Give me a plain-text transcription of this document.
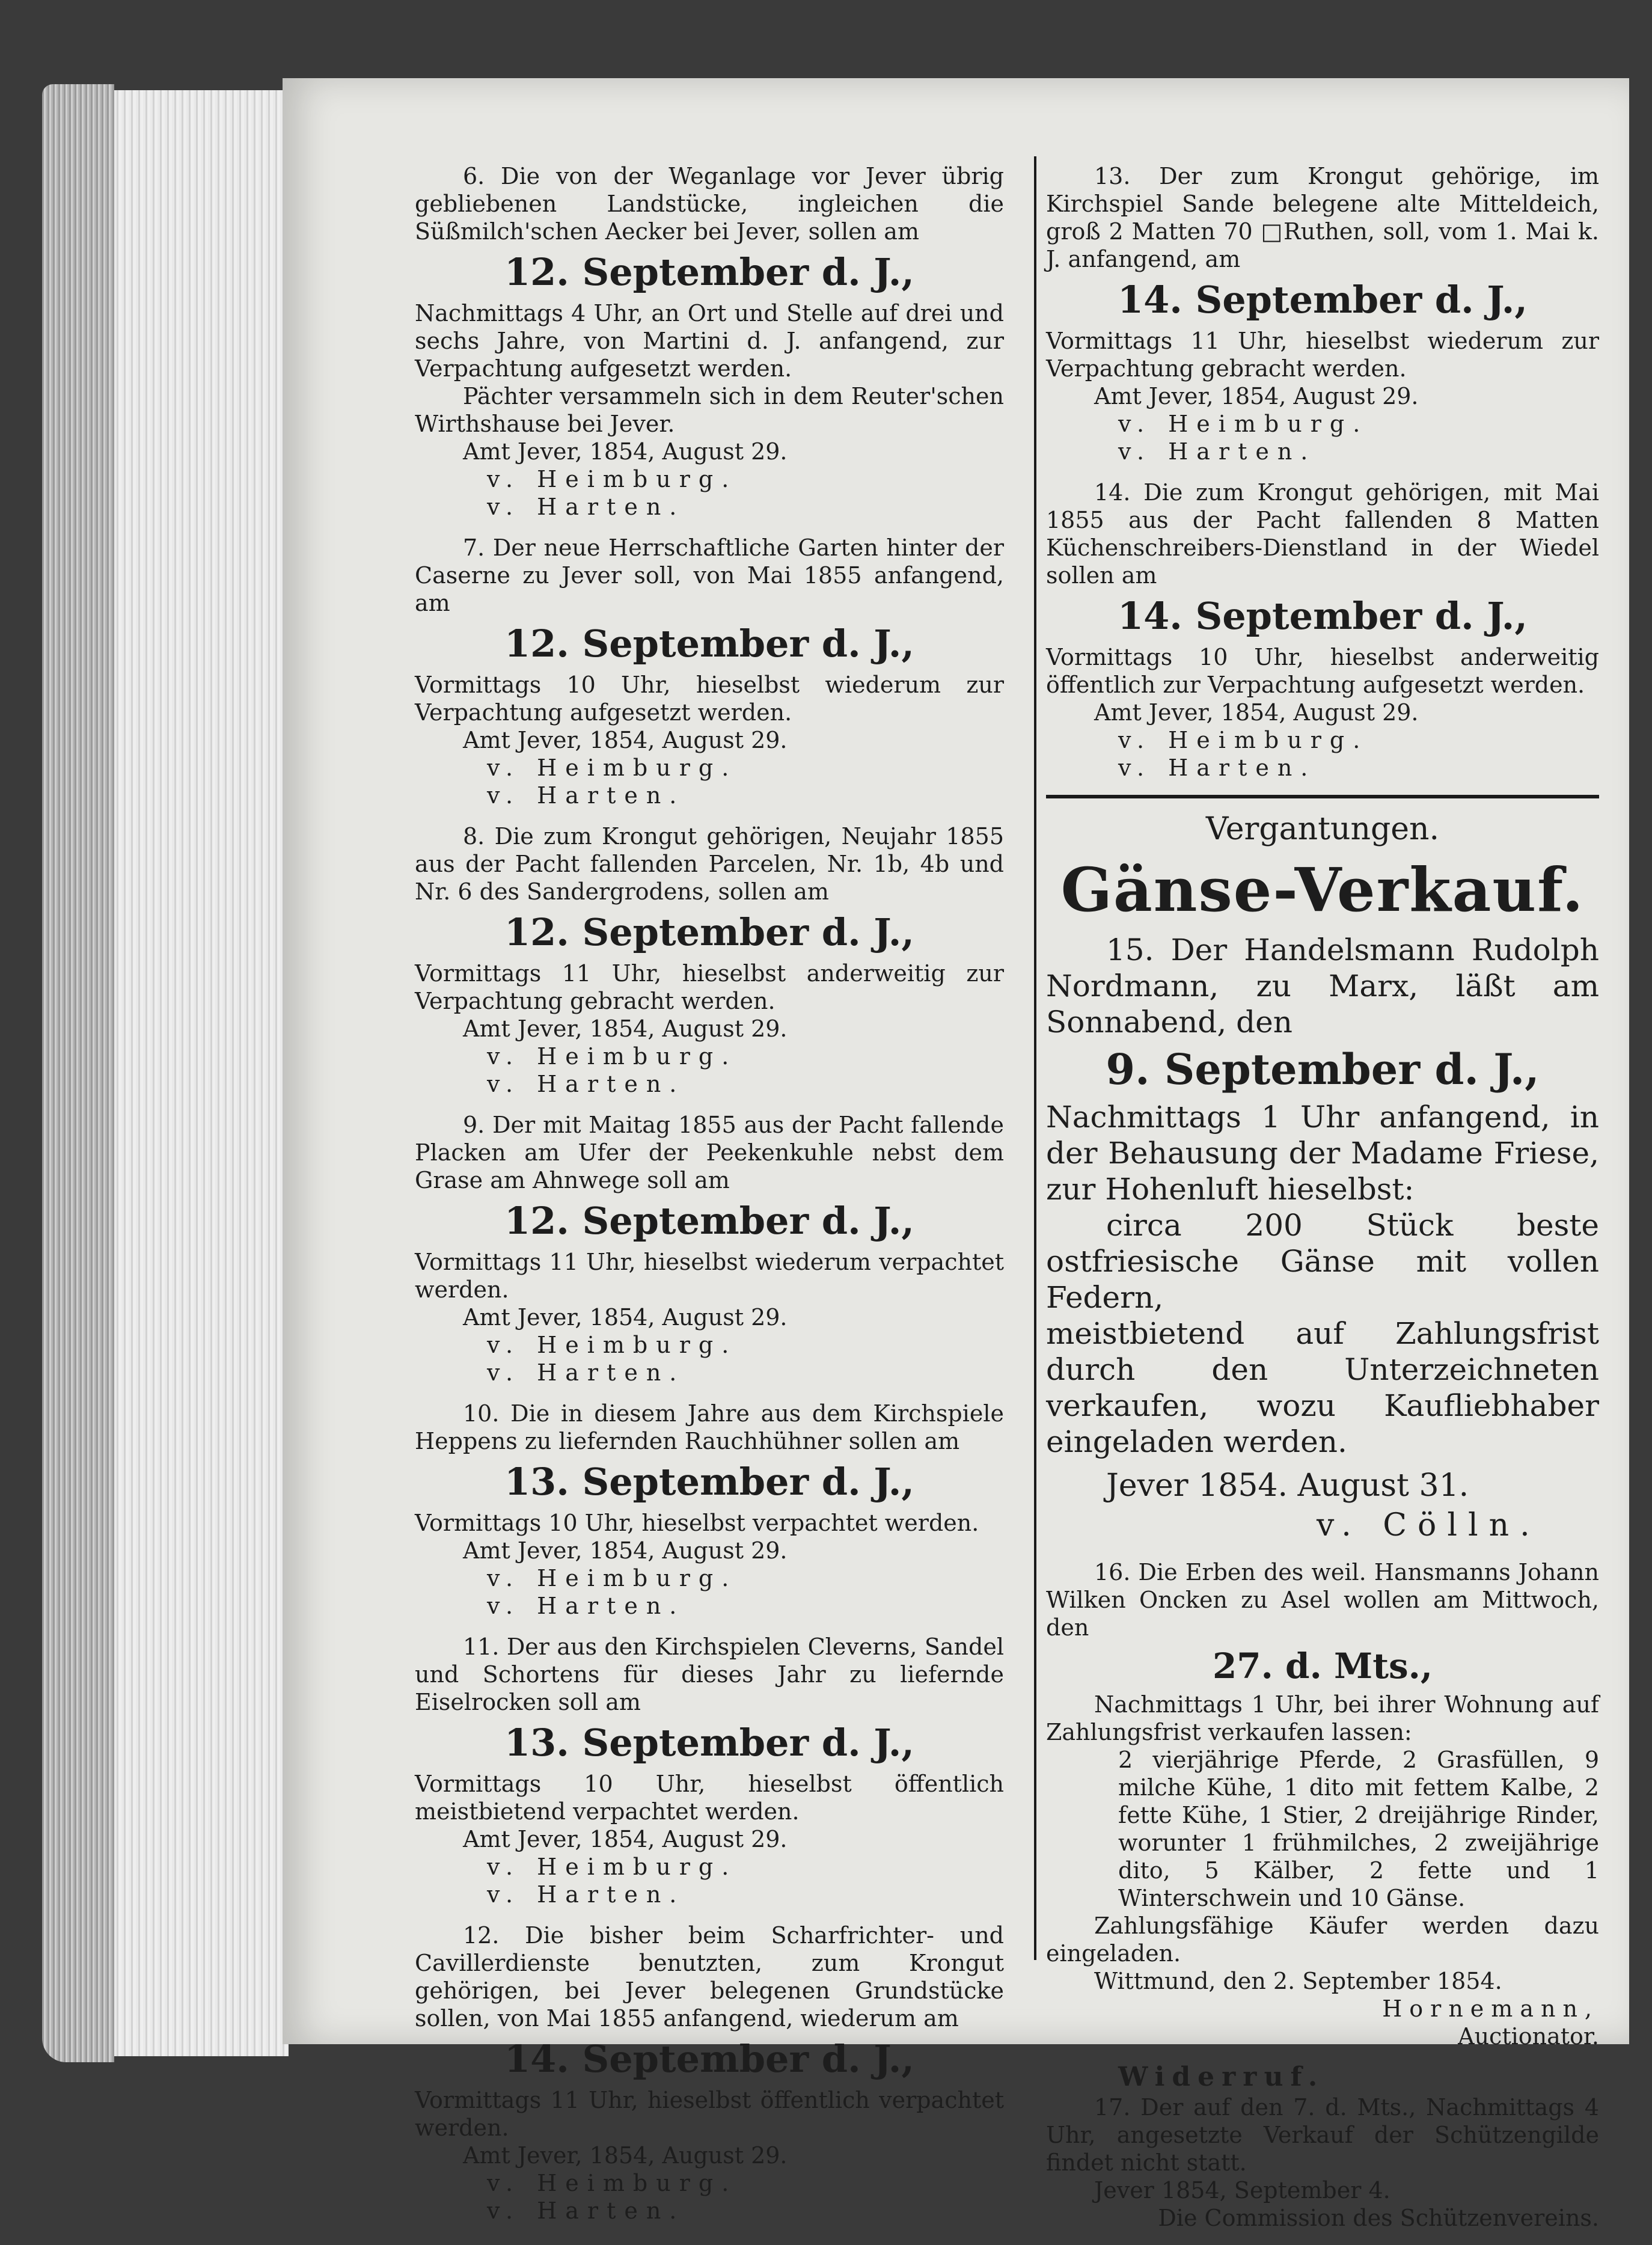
6. Die von der Weganlage vor Jever übrig gebliebenen Landstücke, ingleichen die Süßmilch'schen Aecker bei Jever, sollen am

12. September d. J.,

Nachmittags 4 Uhr, an Ort und Stelle auf drei und sechs Jahre, von Martini d. J. anfangend, zur Verpachtung aufgesetzt werden.

Pächter versammeln sich in dem Reuter'schen Wirthshause bei Jever.

Amt Jever, 1854, August 29.
v. Heimburg.v. Harten.

7. Der neue Herrschaftliche Garten hinter der Caserne zu Jever soll, von Mai 1855 anfangend, am

12. September d. J.,

Vormittags 10 Uhr, hieselbst wiederum zur Verpachtung aufgesetzt werden.

Amt Jever, 1854, August 29.
v. Heimburg.v. Harten.

8. Die zum Krongut gehörigen, Neujahr 1855 aus der Pacht fallenden Parcelen, Nr. 1b, 4b und Nr. 6 des Sandergrodens, sollen am

12. September d. J.,

Vormittags 11 Uhr, hieselbst anderweitig zur Verpachtung gebracht werden.

Amt Jever, 1854, August 29.
v. Heimburg.v. Harten.

9. Der mit Maitag 1855 aus der Pacht fallende Placken am Ufer der Peekenkuhle nebst dem Grase am Ahnwege soll am

12. September d. J.,

Vormittags 11 Uhr, hieselbst wiederum verpachtet werden.

Amt Jever, 1854, August 29.
v. Heimburg.v. Harten.

10. Die in diesem Jahre aus dem Kirchspiele Heppens zu liefernden Rauchhühner sollen am

13. September d. J.,

Vormittags 10 Uhr, hieselbst verpachtet werden.

Amt Jever, 1854, August 29.
v. Heimburg.v. Harten.

11. Der aus den Kirchspielen Cleverns, Sandel und Schortens für dieses Jahr zu liefernde Eiselrocken soll am

13. September d. J.,

Vormittags 10 Uhr, hieselbst öffentlich meistbietend verpachtet werden.

Amt Jever, 1854, August 29.
v. Heimburg.v. Harten.

12. Die bisher beim Scharfrichter- und Cavillerdienste benutzten, zum Krongut gehörigen, bei Jever belegenen Grundstücke sollen, von Mai 1855 anfangend, wiederum am

14. September d. J.,

Vormittags 11 Uhr, hieselbst öffentlich verpachtet werden.

Amt Jever, 1854, August 29.
v. Heimburg.v. Harten.

13. Der zum Krongut gehörige, im Kirchspiel Sande belegene alte Mitteldeich, groß 2 Matten 70 □Ruthen, soll, vom 1. Mai k. J. anfangend, am

14. September d. J.,

Vormittags 11 Uhr, hieselbst wiederum zur Verpachtung gebracht werden.

Amt Jever, 1854, August 29.
v. Heimburg.v. Harten.

14. Die zum Krongut gehörigen, mit Mai 1855 aus der Pacht fallenden 8 Matten Küchenschreibers-Dienstland in der Wiedel sollen am

14. September d. J.,

Vormittags 10 Uhr, hieselbst anderweitig öffentlich zur Verpachtung aufgesetzt werden.

Amt Jever, 1854, August 29.
v. Heimburg.v. Harten.
Vergantungen.
Gänse-Verkauf.

15. Der Handelsmann Rudolph Nordmann, zu Marx, läßt am Sonnabend, den

9. September d. J.,

Nachmittags 1 Uhr anfangend, in der Behausung der Madame Friese, zur Hohenluft hieselbst:

circa 200 Stück beste ostfriesische Gänse mit vollen Federn,

meistbietend auf Zahlungsfrist durch den Unterzeichneten verkaufen, wozu Kaufliebhaber eingeladen werden.

Jever 1854. August 31.
v. Cölln.

16. Die Erben des weil. Hansmanns Johann Wilken Oncken zu Asel wollen am Mittwoch, den

27. d. Mts.,

Nachmittags 1 Uhr, bei ihrer Wohnung auf Zahlungsfrist verkaufen lassen:

2 vierjährige Pferde, 2 Grasfüllen, 9 milche Kühe, 1 dito mit fettem Kalbe, 2 fette Kühe, 1 Stier, 2 dreijährige Rinder, worunter 1 frühmilches, 2 zweijährige dito, 5 Kälber, 2 fette und 1 Winterschwein und 10 Gänse.

Zahlungsfähige Käufer werden dazu eingeladen.

Wittmund, den 2. September 1854.
Hornemann,
Auctionator.
Widerruf.

17. Der auf den 7. d. Mts., Nachmittags 4 Uhr, angesetzte Verkauf der Schützengilde findet nicht statt.

Jever 1854, September 4.
Die Commission des Schützenvereins.
